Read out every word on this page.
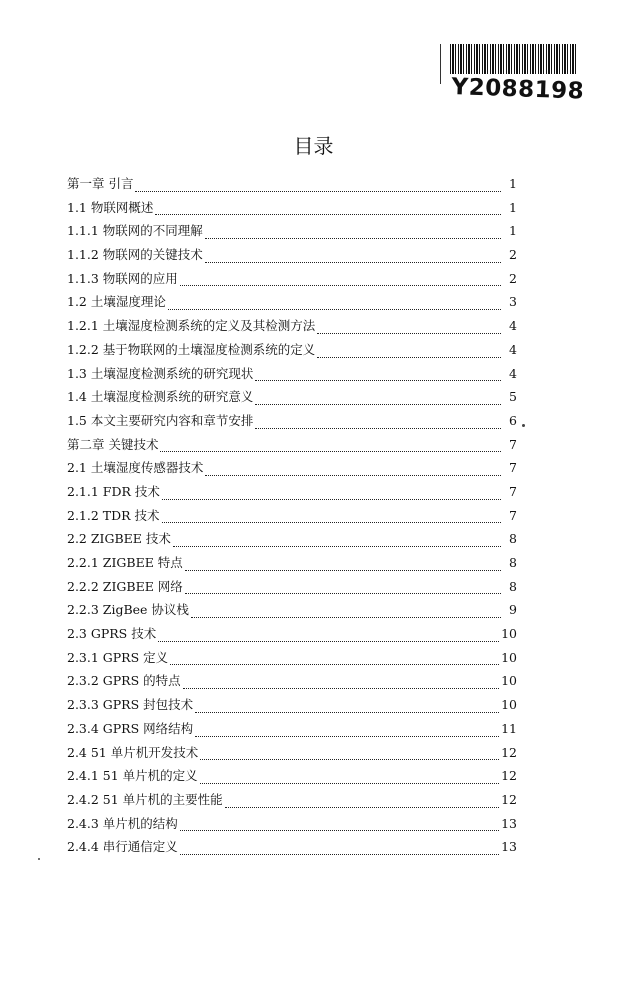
Y2088198
目录
第一章 引言	1
1.1 物联网概述	1
1.1.1 物联网的不同理解	1
1.1.2 物联网的关键技术	2
1.1.3 物联网的应用	2
1.2 土壤湿度理论	3
1.2.1 土壤湿度检测系统的定义及其检测方法	4
1.2.2 基于物联网的土壤湿度检测系统的定义	4
1.3 土壤湿度检测系统的研究现状	4
1.4 土壤湿度检测系统的研究意义	5
1.5 本文主要研究内容和章节安排	6
第二章 关键技术	7
2.1 土壤湿度传感器技术	7
2.1.1 FDR 技术	7
2.1.2 TDR 技术	7
2.2 ZIGBEE 技术	8
2.2.1 ZIGBEE 特点	8
2.2.2 ZIGBEE 网络	8
2.2.3 ZigBee 协议栈	9
2.3 GPRS 技术	10
2.3.1 GPRS 定义	10
2.3.2 GPRS 的特点	10
2.3.3 GPRS 封包技术	10
2.3.4 GPRS 网络结构	11
2.4 51 单片机开发技术	12
2.4.1 51 单片机的定义	12
2.4.2 51 单片机的主要性能	12
2.4.3 单片机的结构	13
2.4.4 串行通信定义	13
